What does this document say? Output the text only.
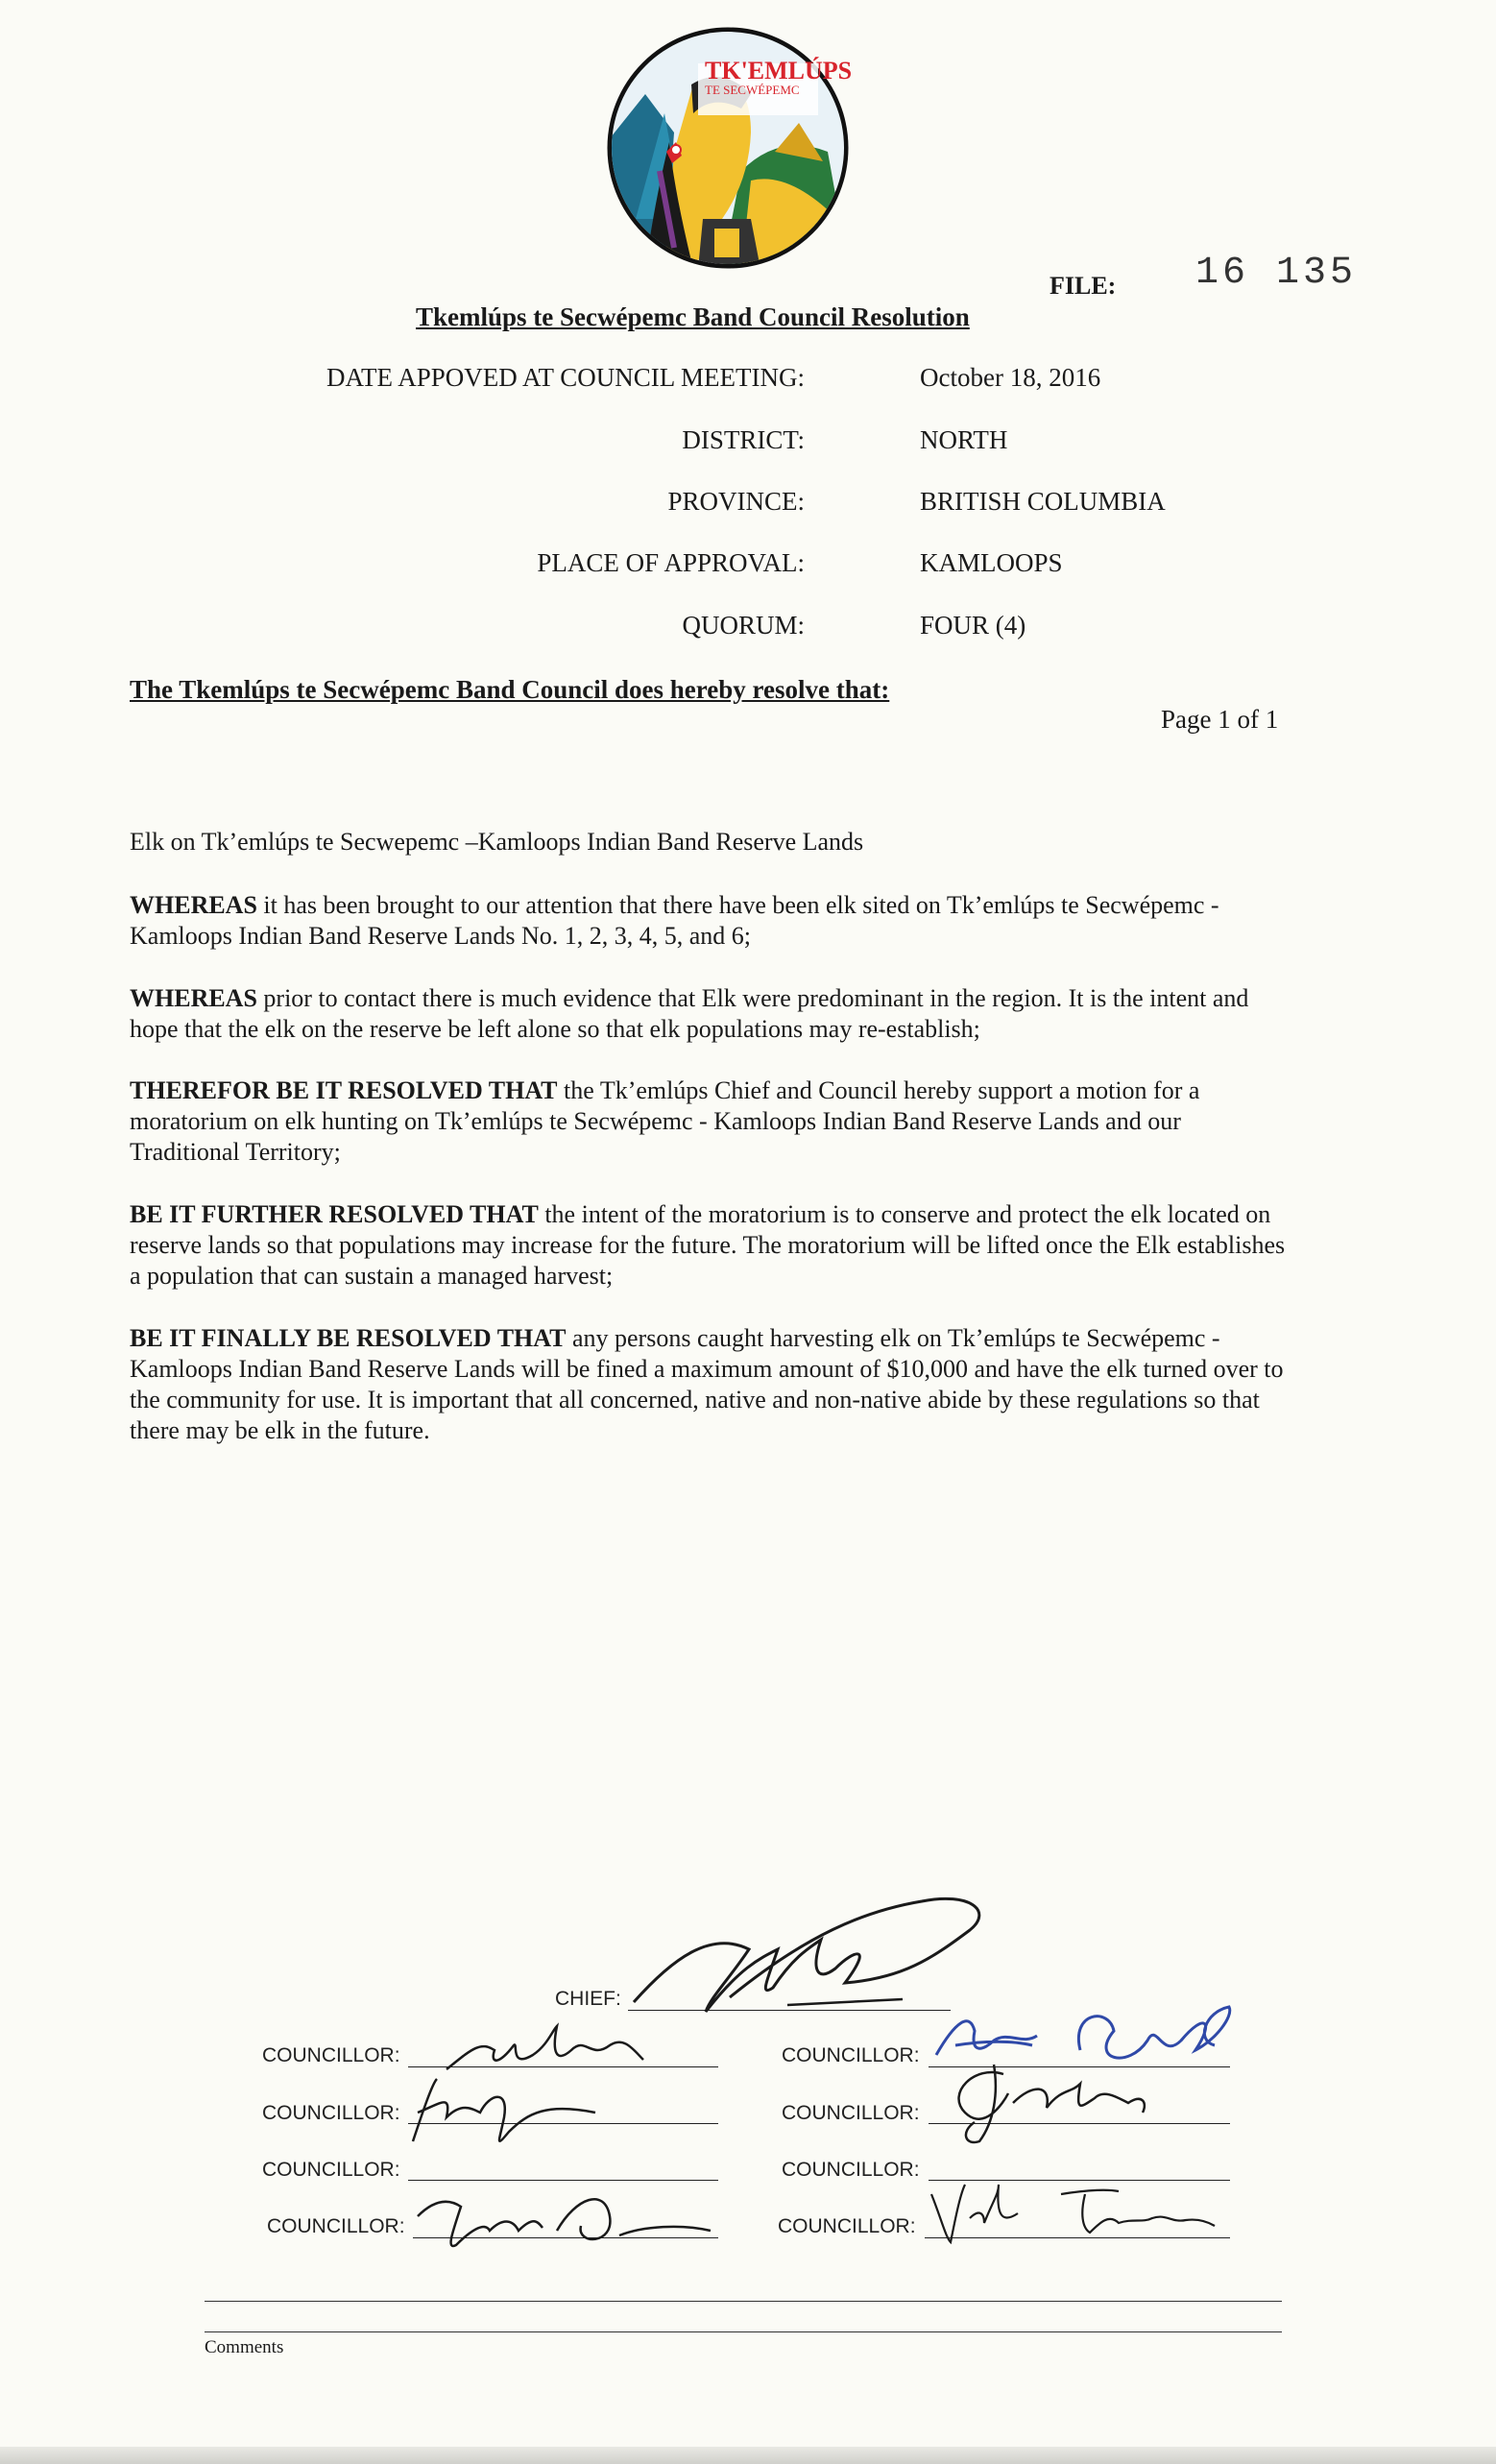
TK'EMLÚPS
TE SECWÉPEMC
FILE: 16 135
Tkemlúps te Secwépemc Band Council Resolution
DATE APPOVED AT COUNCIL MEETING:	October 18, 2016
DISTRICT:	NORTH
PROVINCE:	BRITISH COLUMBIA
PLACE OF APPROVAL:	KAMLOOPS
QUORUM:	FOUR (4)
The Tkemlúps te Secwépemc Band Council does hereby resolve that:
Page 1 of 1
Elk on Tk’emlúps te Secwepemc –Kamloops Indian Band Reserve Lands
WHEREAS it has been brought to our attention that there have been elk sited on Tk’emlúps te Secwépemc - Kamloops Indian Band Reserve Lands No. 1, 2, 3, 4, 5, and 6;
WHEREAS prior to contact there is much evidence that Elk were predominant in the region. It is the intent and hope that the elk on the reserve be left alone so that elk populations may re-establish;
THEREFOR BE IT RESOLVED THAT the Tk’emlúps Chief and Council hereby support a motion for a moratorium on elk hunting on Tk’emlúps te Secwépemc - Kamloops Indian Band Reserve Lands and our Traditional Territory;
BE IT FURTHER RESOLVED THAT the intent of the moratorium is to conserve and protect the elk located on reserve lands so that populations may increase for the future. The moratorium will be lifted once the Elk establishes a population that can sustain a managed harvest;
BE IT FINALLY BE RESOLVED THAT any persons caught harvesting elk on Tk’emlúps te Secwépemc - Kamloops Indian Band Reserve Lands will be fined a maximum amount of $10,000 and have the elk turned over to the community for use. It is important that all concerned, native and non-native abide by these regulations so that there may be elk in the future.
CHIEF:
COUNCILLOR:	COUNCILLOR:
COUNCILLOR:	COUNCILLOR:
COUNCILLOR:	COUNCILLOR:
COUNCILLOR:	COUNCILLOR:
Comments
